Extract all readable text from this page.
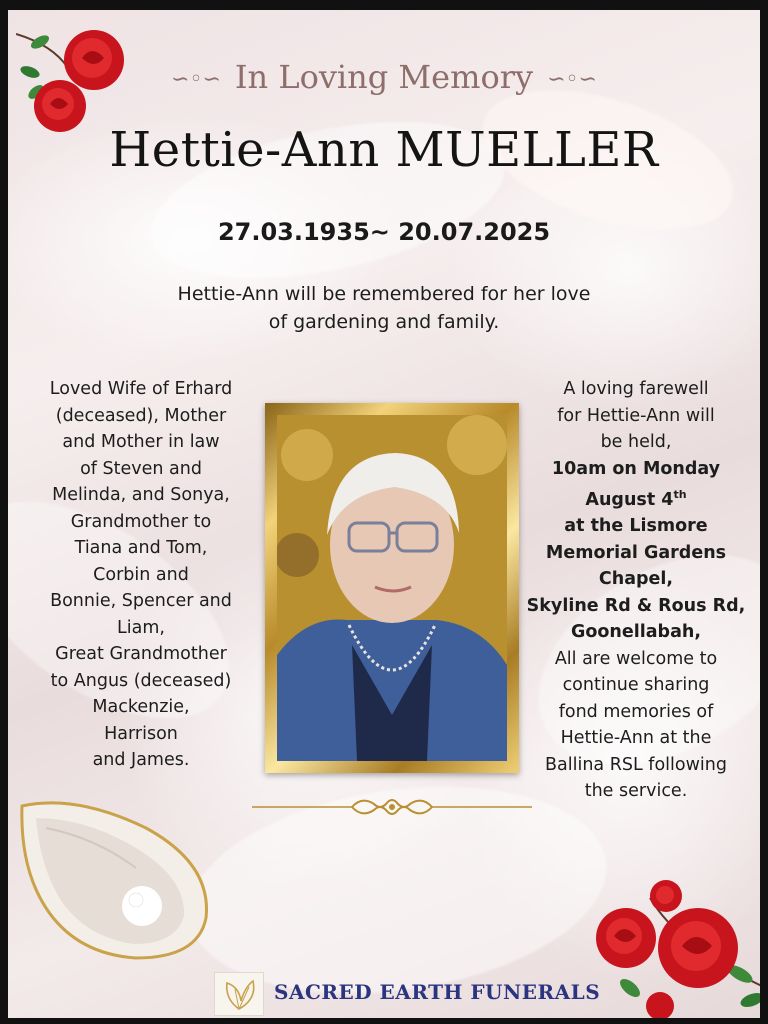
∽◦∽ In Loving Memory ∽◦∽
Hettie-Ann MUELLER
27.03.1935~ 20.07.2025
Hettie-Ann will be remembered for her love
of gardening and family.
Loved Wife of Erhard
(deceased), Mother
and Mother in law
of Steven and
Melinda, and Sonya,
Grandmother to
Tiana and Tom,
Corbin and
Bonnie, Spencer and
Liam,
Great Grandmother
to Angus (deceased)
Mackenzie,
Harrison
and James.
A loving farewell
for Hettie-Ann will
be held,
10am on Monday
August 4th
at the Lismore
Memorial Gardens
Chapel,
Skyline Rd & Rous Rd,
Goonellabah,
All are welcome to
continue sharing
fond memories of
Hettie-Ann at the
Ballina RSL following
the service.
SACRED EARTH FUNERALS
